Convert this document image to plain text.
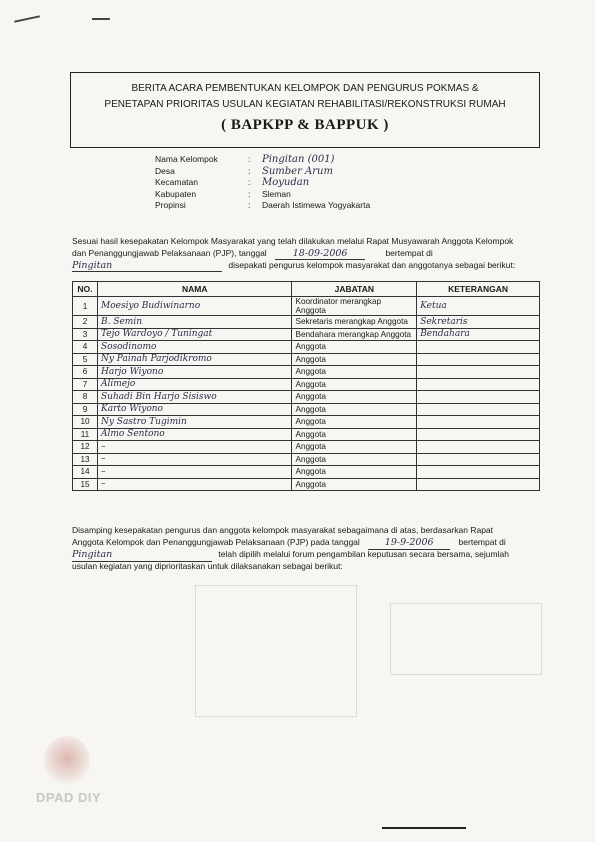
BERITA ACARA PEMBENTUKAN KELOMPOK DAN PENGURUS POKMAS &
PENETAPAN PRIORITAS USULAN KEGIATAN REHABILITASI/REKONSTRUKSI RUMAH
( BAPKPP & BAPPUK )
Nama Kelompok	:	Pingitan (001)
Desa	:	Sumber Arum
Kecamatan	:	Moyudan
Kabupaten	:	Sleman
Propinsi	:	Daerah Istimewa Yogyakarta
Sesuai hasil kesepakatan Kelompok Masyarakat yang telah dilakukan melalui Rapat Musyawarah Anggota Kelompok
dan Penanggungjawab Pelaksanaan (PJP), tanggal	18-09-2006	bertempat di
Pingitan	disepakati pengurus kelompok masyarakat dan anggotanya sebagai berikut:
NO.	NAMA	JABATAN	KETERANGAN
1	Moesiyo Budiwinarno	Koordinator merangkap Anggota	Ketua
2	B. Semin	Sekretaris merangkap Anggota	Sekretaris
3	Tejo Wardoyo / Tuningat	Bendahara merangkap Anggota	Bendahara
4	Sosodinomo	Anggota	
5	Ny Painah Parjodikromo	Anggota	
6	Harjo Wiyono	Anggota	
7	Alimejo	Anggota	
8	Suhadi Bin Harjo Sisiswo	Anggota	
9	Karto Wiyono	Anggota	
10	Ny Sastro Tugimin	Anggota	
11	Almo Sentono	Anggota	
12	–	Anggota	
13	–	Anggota	
14	–	Anggota	
15	–	Anggota	
Disamping kesepakatan pengurus dan anggota kelompok masyarakat sebagaimana di atas, berdasarkan Rapat
Anggota Kelompok dan Penanggungjawab Pelaksanaan (PJP) pada tanggal	19-9-2006	bertempat di
Pingitan	telah dipilih melalui forum pengambilan keputusan secara bersama, sejumlah
usulan kegiatan yang diprioritaskan untuk dilaksanakan sebagai berikut:
DPAD DIY
